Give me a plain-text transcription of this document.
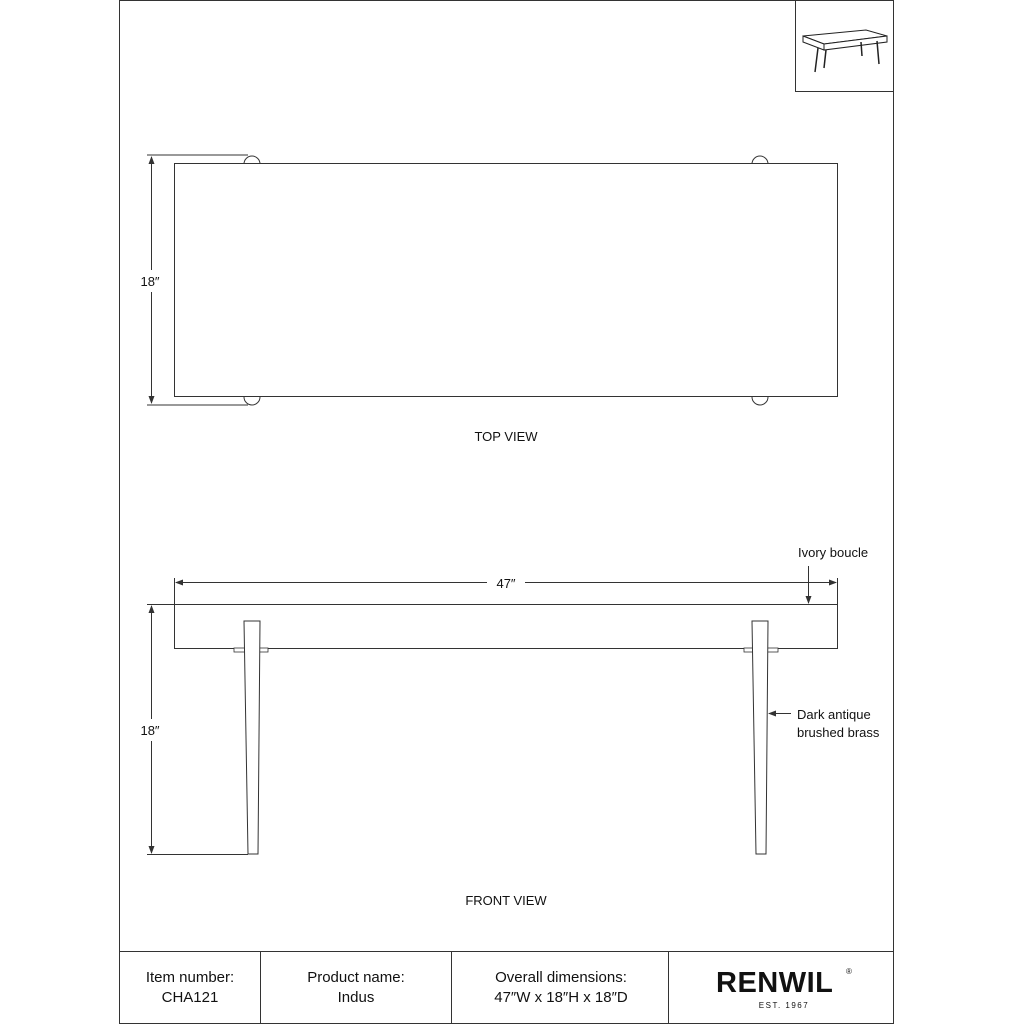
18″
TOP VIEW
47″
18″
Ivory boucle
Dark antique
brushed brass
FRONT VIEW
Item number:
CHA121
Product name:
Indus
Overall dimensions:
47″W x 18″H x 18″D	RENWIL ®
EST. 1967
